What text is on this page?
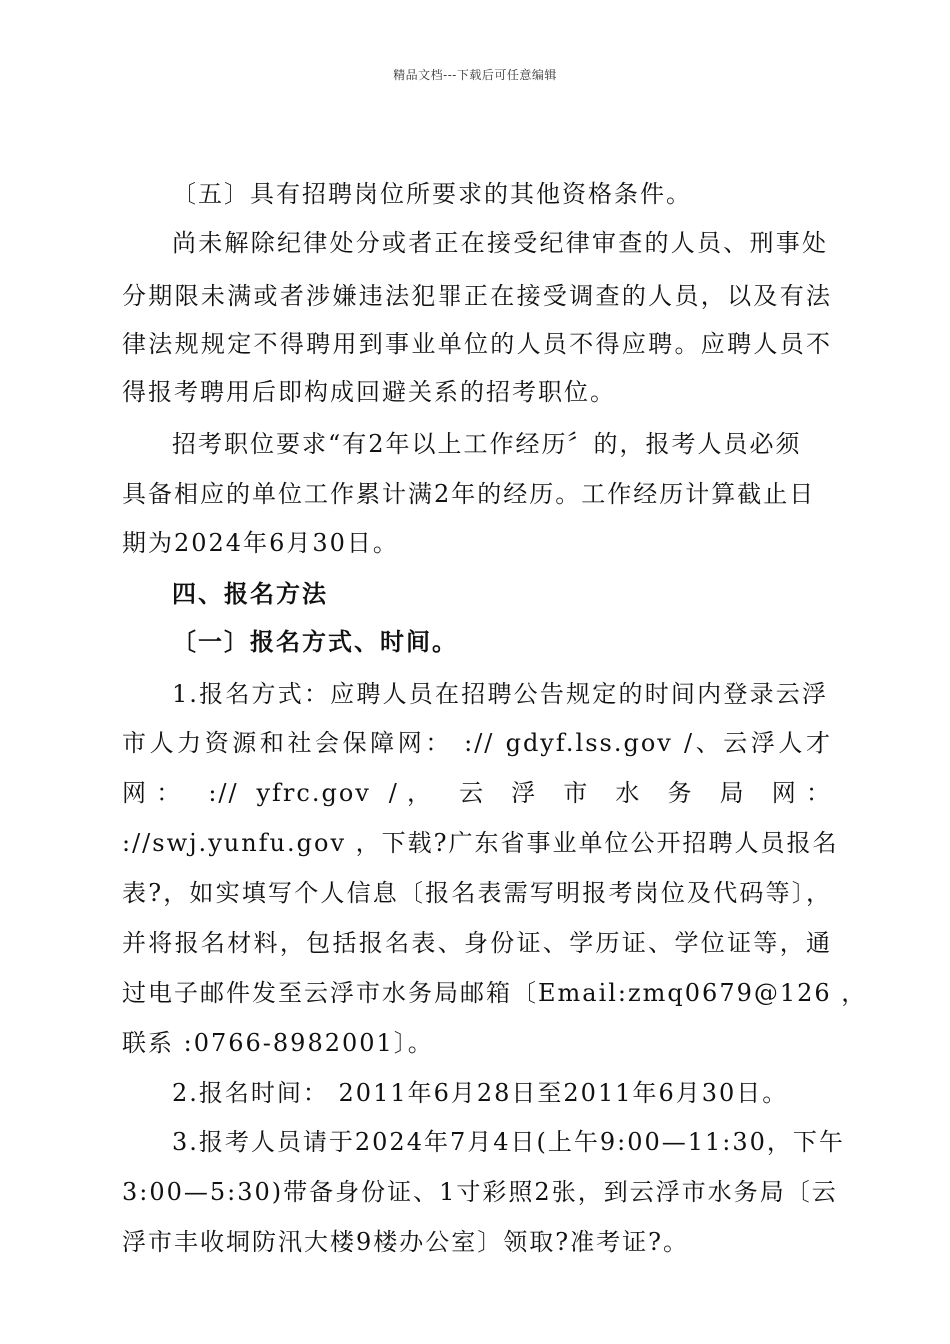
精品文档---下载后可任意编辑
〔五〕具有招聘岗位所要求的其他资格条件。
尚未解除纪律处分或者正在接受纪律审查的人员、刑事处
分期限未满或者涉嫌违法犯罪正在接受调查的人员，以及有法
律法规规定不得聘用到事业单位的人员不得应聘。应聘人员不
得报考聘用后即构成回避关系的招考职位。
招考职位要求“有2年以上工作经历〞的，报考人员必须
具备相应的单位工作累计满2年的经历。工作经历计算截止日
期为2024年6月30日。
四、报名方法
〔一〕报名方式、时间。
1.报名方式：应聘人员在招聘公告规定的时间内登录云浮
市人力资源和社会保障网： :// gdyf.lss.gov /、云浮人才
网： :// yfrc.gov /， 云 浮 市 水 务 局 网：
://swj.yunfu.gov ，下载?广东省事业单位公开招聘人员报名
表?，如实填写个人信息〔报名表需写明报考岗位及代码等〕，
并将报名材料，包括报名表、身份证、学历证、学位证等，通
过电子邮件发至云浮市水务局邮箱〔Email:zmq0679@126 ，
联系 :0766-8982001〕。
2.报名时间： 2011年6月28日至2011年6月30日。
3.报考人员请于2024年7月4日(上午9:00—11:30，下午
3:00—5:30)带备身份证、1寸彩照2张，到云浮市水务局〔云
浮市丰收垌防汛大楼9楼办公室〕领取?准考证?。
